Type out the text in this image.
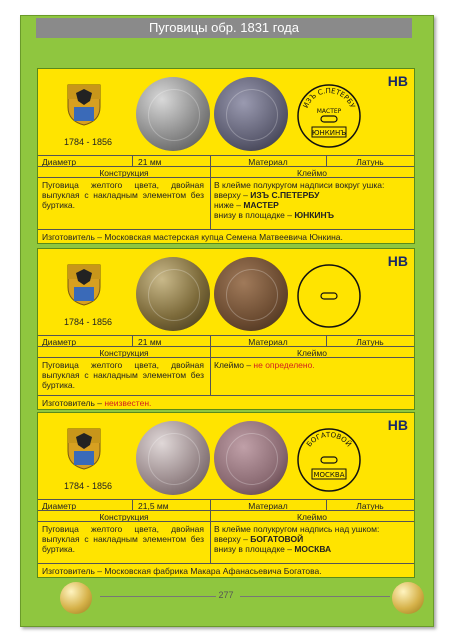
Пуговицы обр. 1831 года
1784 - 1856
ИЗЪ С.ПЕТЕРБУ
МАСТЕР
ЮНКИНЪ
НВ
Диаметр	21 мм	Материал	Латунь
Конструкция	Клеймо
Пуговица желтого цвета, двойная выпуклая с накладным элементом без буртика.
В клейме полукругом надписи вокруг ушка:
вверху – ИЗЪ С.ПЕТЕРБУ
ниже – МАСТЕР
внизу в площадке – ЮНКИНЪ
Изготовитель – Московская мастерская купца Семена Матвеевича Юнкина.
1784 - 1856
НВ
Диаметр	21 мм	Материал	Латунь
Конструкция	Клеймо
Пуговица желтого цвета, двойная выпуклая с накладным элементом без буртика.
Клеймо – не определено.
Изготовитель – неизвестен.
1784 - 1856
БОГАТОВОЙ
МОСКВА
НВ
Диаметр	21,5 мм	Материал	Латунь
Конструкция	Клеймо
Пуговица желтого цвета, двойная выпуклая с накладным элементом без буртика.
В клейме полукругом надпись над ушком:
вверху – БОГАТОВОЙ
внизу в площадке – МОСКВА
Изготовитель – Московская фабрика Макара Афанасьевича Богатова.
277
